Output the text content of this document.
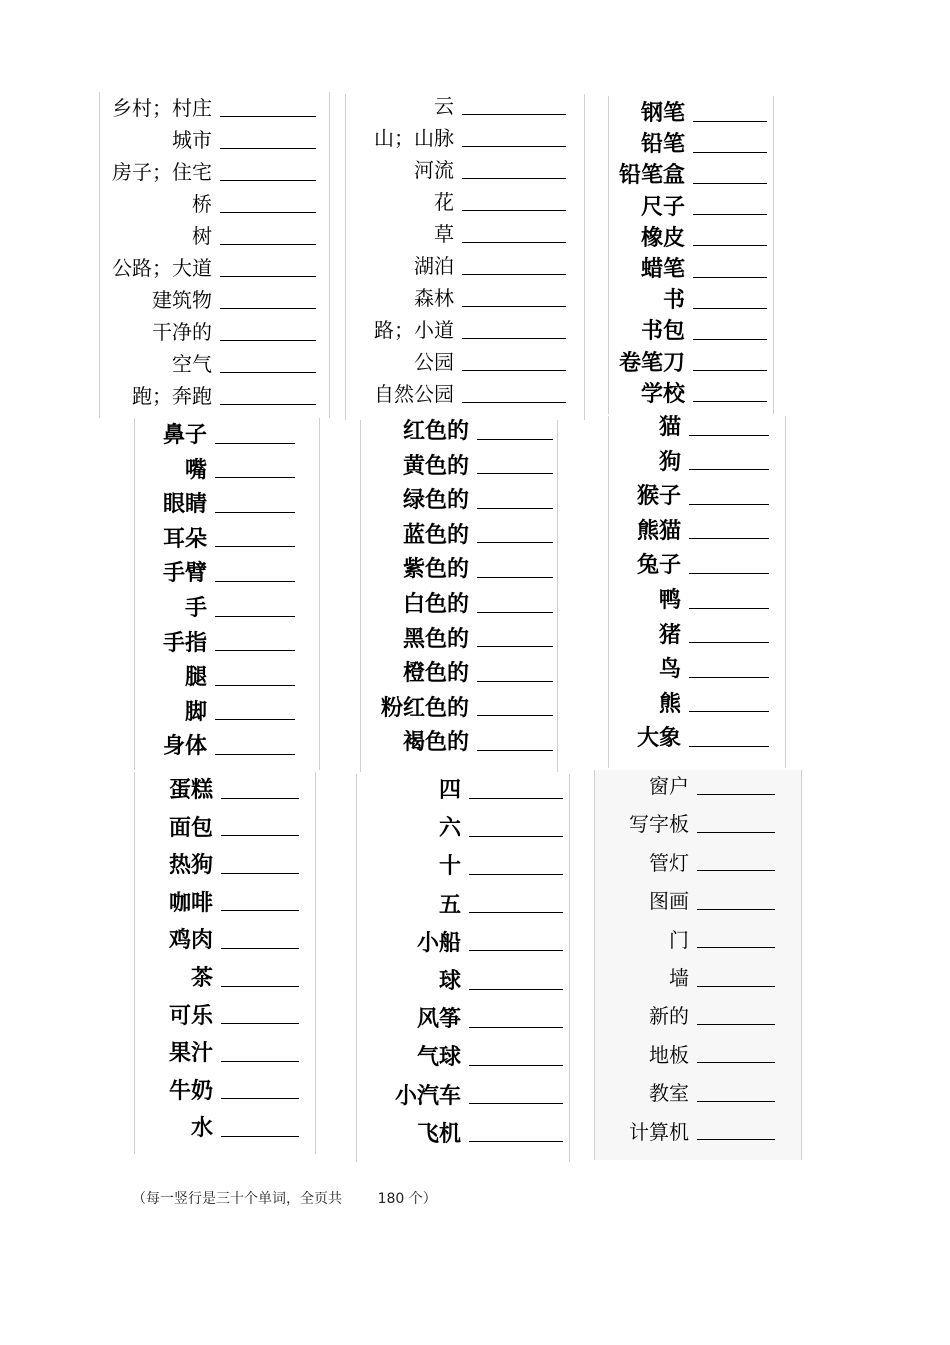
乡村；村庄
城市
房子；住宅
桥
树
公路；大道
建筑物
干净的
空气
跑；奔跑
云
山；山脉
河流
花
草
湖泊
森林
路；小道
公园
自然公园
钢笔
铅笔
铅笔盒
尺子
橡皮
蜡笔
书
书包
卷笔刀
学校
鼻子
嘴
眼睛
耳朵
手臂
手
手指
腿
脚
身体
红色的
黄色的
绿色的
蓝色的
紫色的
白色的
黑色的
橙色的
粉红色的
褐色的
猫
狗
猴子
熊猫
兔子
鸭
猪
鸟
熊
大象
蛋糕
面包
热狗
咖啡
鸡肉
茶
可乐
果汁
牛奶
水
四
六
十
五
小船
球
风筝
气球
小汽车
飞机
窗户
写字板
管灯
图画
门
墙
新的
地板
教室
计算机
（每一竖行是三十个单词，全页共	180 个）
